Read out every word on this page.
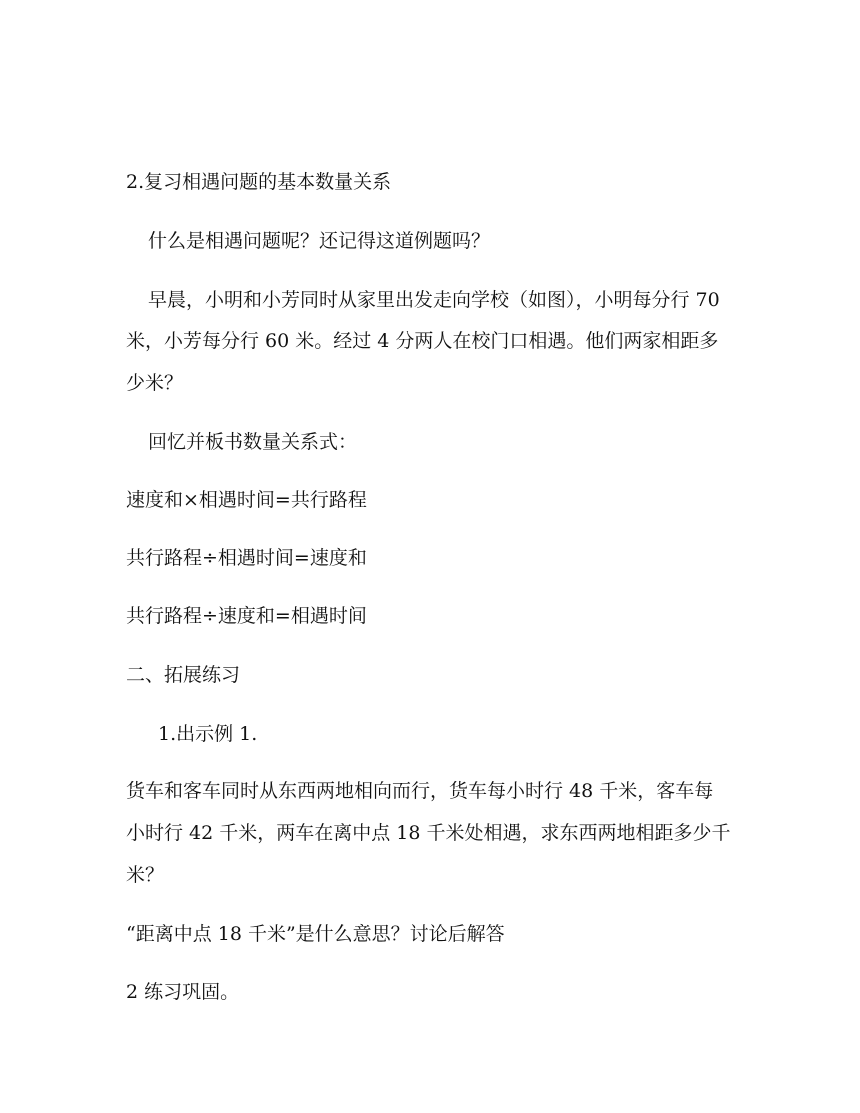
2.复习相遇问题的基本数量关系
什么是相遇问题呢？还记得这道例题吗？
早晨，小明和小芳同时从家里出发走向学校（如图），小明每分行 70
米，小芳每分行 60 米。经过 4 分两人在校门口相遇。他们两家相距多
少米？
回忆并板书数量关系式：
速度和×相遇时间=共行路程
共行路程÷相遇时间=速度和
共行路程÷速度和=相遇时间
二、拓展练习
1.出示例 1.
货车和客车同时从东西两地相向而行，货车每小时行 48 千米，客车每
小时行 42 千米，两车在离中点 18 千米处相遇，求东西两地相距多少千
米？
“距离中点 18 千米”是什么意思？讨论后解答
2 练习巩固。
